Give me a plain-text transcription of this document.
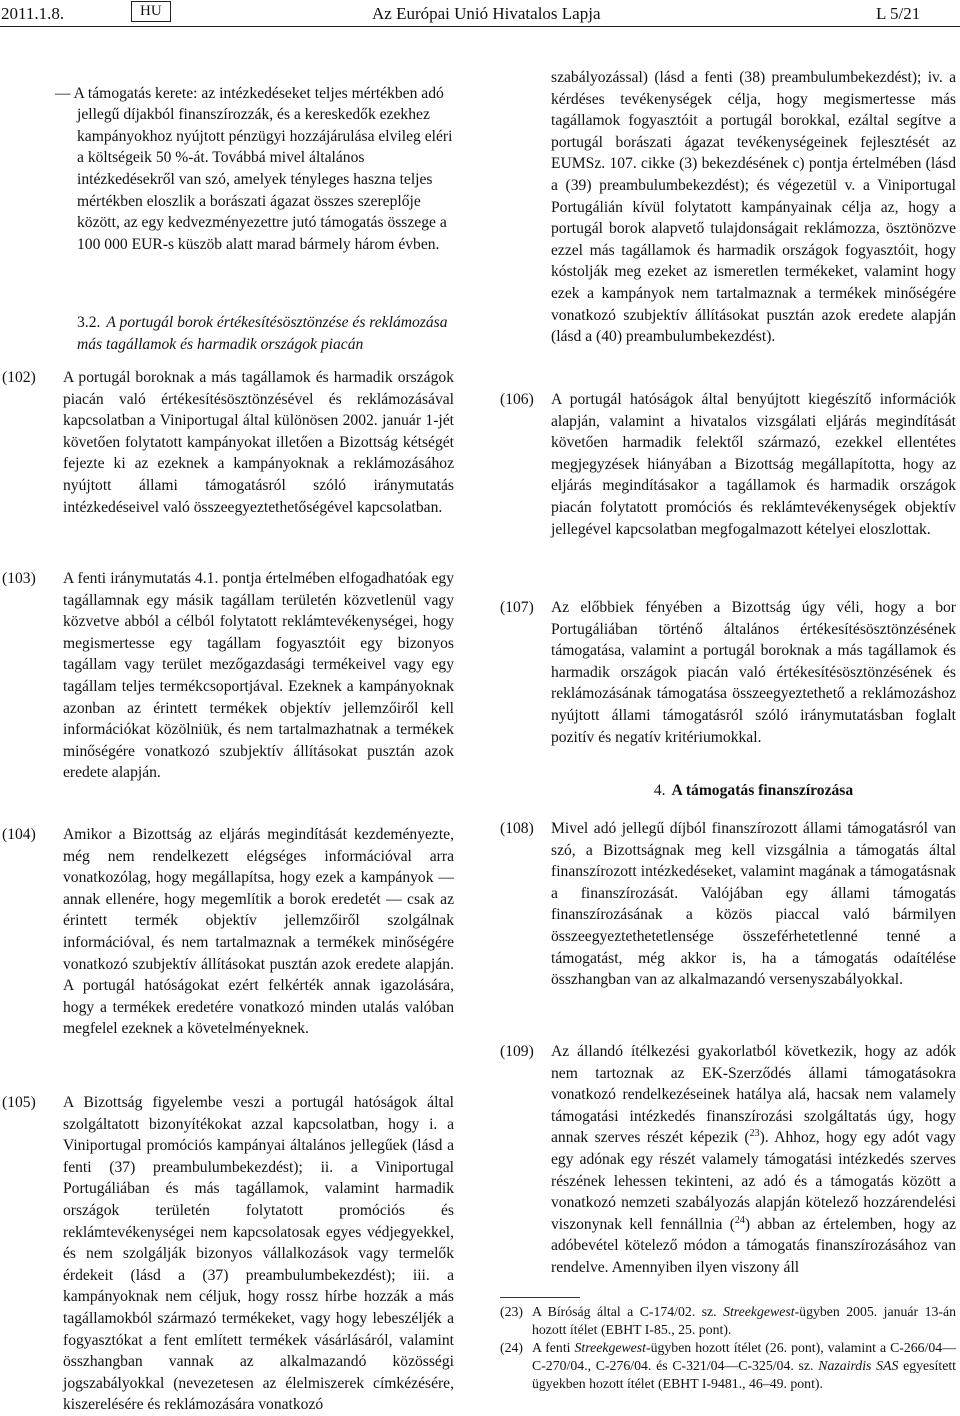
2011.1.8.	HU	Az Európai Unió Hivatalos Lapja	L 5/21

— A támogatás kerete: az intézkedéseket teljes mértékben adó jellegű díjakból finanszírozzák, és a kereskedők ezekhez kampányokhoz nyújtott pénzügyi hozzájárulása elvileg eléri a költségeik 50 %-át. Továbbá mivel általános intézkedésekről van szó, amelyek tényleges haszna teljes mértékben eloszlik a borászati ágazat összes szereplője között, az egy kedvezményezettre jutó támogatás összege a 100 000 EUR-s küszöb alatt marad bármely három évben.

3.2. A portugál borok értékesítésösztönzése és reklámozása más tagállamok és harmadik országok piacán
(102) A portugál boroknak a más tagállamok és harmadik országok piacán való értékesítésösztönzésével és reklámozásával kapcsolatban a Viniportugal által különösen 2002. január 1-jét követően folytatott kampányokat illetően a Bizottság kétségét fejezte ki az ezeknek a kampányoknak a reklámozásához nyújtott állami támogatásról szóló iránymutatás intézkedéseivel való összeegyeztethetőségével kapcsolatban.

(103) A fenti iránymutatás 4.1. pontja értelmében elfogadhatóak egy tagállamnak egy másik tagállam területén közvetlenül vagy közvetve abból a célból folytatott reklámtevékenységei, hogy megismertesse egy tagállam fogyasztóit egy bizonyos tagállam vagy terület mezőgazdasági termékeivel vagy egy tagállam teljes termékcsoportjával. Ezeknek a kampányoknak azonban az érintett termékek objektív jellemzőiről kell információkat közölniük, és nem tartalmazhatnak a termékek minőségére vonatkozó szubjektív állításokat pusztán azok eredete alapján.

(104) Amikor a Bizottság az eljárás megindítását kezdeményezte, még nem rendelkezett elégséges információval arra vonatkozólag, hogy megállapítsa, hogy ezek a kampányok — annak ellenére, hogy megemlítik a borok eredetét — csak az érintett termék objektív jellemzőiről szolgálnak információval, és nem tartalmaznak a termékek minőségére vonatkozó szubjektív állításokat pusztán azok eredete alapján. A portugál hatóságokat ezért felkérték annak igazolására, hogy a termékek eredetére vonatkozó minden utalás valóban megfelel ezeknek a követelményeknek.

(105) A Bizottság figyelembe veszi a portugál hatóságok által szolgáltatott bizonyítékokat azzal kapcsolatban, hogy i. a Viniportugal promóciós kampányai általános jellegűek (lásd a fenti (37) preambulumbekezdést); ii. a Viniportugal Portugáliában és más tagállamok, valamint harmadik országok területén folytatott promóciós és reklámtevékenységei nem kapcsolatosak egyes védjegyekkel, és nem szolgálják bizonyos vállalkozások vagy termelők érdekeit (lásd a (37) preambulumbekezdést); iii. a kampányoknak nem céljuk, hogy rossz hírbe hozzák a más tagállamokból származó termékeket, vagy hogy lebeszéljék a fogyasztókat a fent említett termékek vásárlásáról, valamint összhangban vannak az alkalmazandó közösségi jogszabályokkal (nevezetesen az élelmiszerek címkézésére, kiszerelésére és reklámozására vonatkozó

szabályozással) (lásd a fenti (38) preambulumbekezdést); iv. a kérdéses tevékenységek célja, hogy megismertesse más tagállamok fogyasztóit a portugál borokkal, ezáltal segítve a portugál borászati ágazat tevékenységeinek fejlesztését az EUMSz. 107. cikke (3) bekezdésének c) pontja értelmében (lásd a (39) preambulumbekezdést); és végezetül v. a Viniportugal Portugálián kívül folytatott kampányainak célja az, hogy a portugál borok alapvető tulajdonságait reklámozza, ösztönözve ezzel más tagállamok és harmadik országok fogyasztóit, hogy kóstolják meg ezeket az ismeretlen termékeket, valamint hogy ezek a kampányok nem tartalmaznak a termékek minőségére vonatkozó szubjektív állításokat pusztán azok eredete alapján (lásd a (40) preambulumbekezdést).

(106) A portugál hatóságok által benyújtott kiegészítő információk alapján, valamint a hivatalos vizsgálati eljárás megindítását követően harmadik felektől származó, ezekkel ellentétes megjegyzések hiányában a Bizottság megállapította, hogy az eljárás megindításakor a tagállamok és harmadik országok piacán folytatott promóciós és reklámtevékenységek objektív jellegével kapcsolatban megfogalmazott kételyei eloszlottak.

(107) Az előbbiek fényében a Bizottság úgy véli, hogy a bor Portugáliában történő általános értékesítésösztönzésének támogatása, valamint a portugál boroknak a más tagállamok és harmadik országok piacán való értékesítésösztönzésének és reklámozásának támogatása összeegyeztethető a reklámozáshoz nyújtott állami támogatásról szóló iránymutatásban foglalt pozitív és negatív kritériumokkal.

4. A támogatás finanszírozása
(108) Mivel adó jellegű díjból finanszírozott állami támogatásról van szó, a Bizottságnak meg kell vizsgálnia a támogatás által finanszírozott intézkedéseket, valamint magának a támogatásnak a finanszírozását. Valójában egy állami támogatás finanszírozásának a közös piaccal való bármilyen összeegyeztethetetlensége összeférhetetlenné tenné a támogatást, még akkor is, ha a támogatás odaítélése összhangban van az alkalmazandó versenyszabályokkal.

(109) Az állandó ítélkezési gyakorlatból következik, hogy az adók nem tartoznak az EK-Szerződés állami támogatásokra vonatkozó rendelkezéseinek hatálya alá, hacsak nem valamely támogatási intézkedés finanszírozási szolgáltatás úgy, hogy annak szerves részét képezik ($^{23}$). Ahhoz, hogy egy adót vagy egy adónak egy részét valamely támogatási intézkedés szerves részének lehessen tekinteni, az adó és a támogatás között a vonatkozó nemzeti szabályozás alapján kötelező hozzárendelési viszonynak kell fennállnia ($^{24}$) abban az értelemben, hogy az adóbevétel kötelező módon a támogatás finanszírozásához van rendelve. Amennyiben ilyen viszony áll

(23) A Bíróság által a C-174/02. sz. Streekgewest-ügyben 2005. január 13-án hozott ítélet (EBHT I-85., 25. pont).

(24) A fenti Streekgewest-ügyben hozott ítélet (26. pont), valamint a C-266/04—C-270/04., C-276/04. és C-321/04—C-325/04. sz. Nazairdis SAS egyesített ügyekben hozott ítélet (EBHT I-9481., 46–49. pont).
